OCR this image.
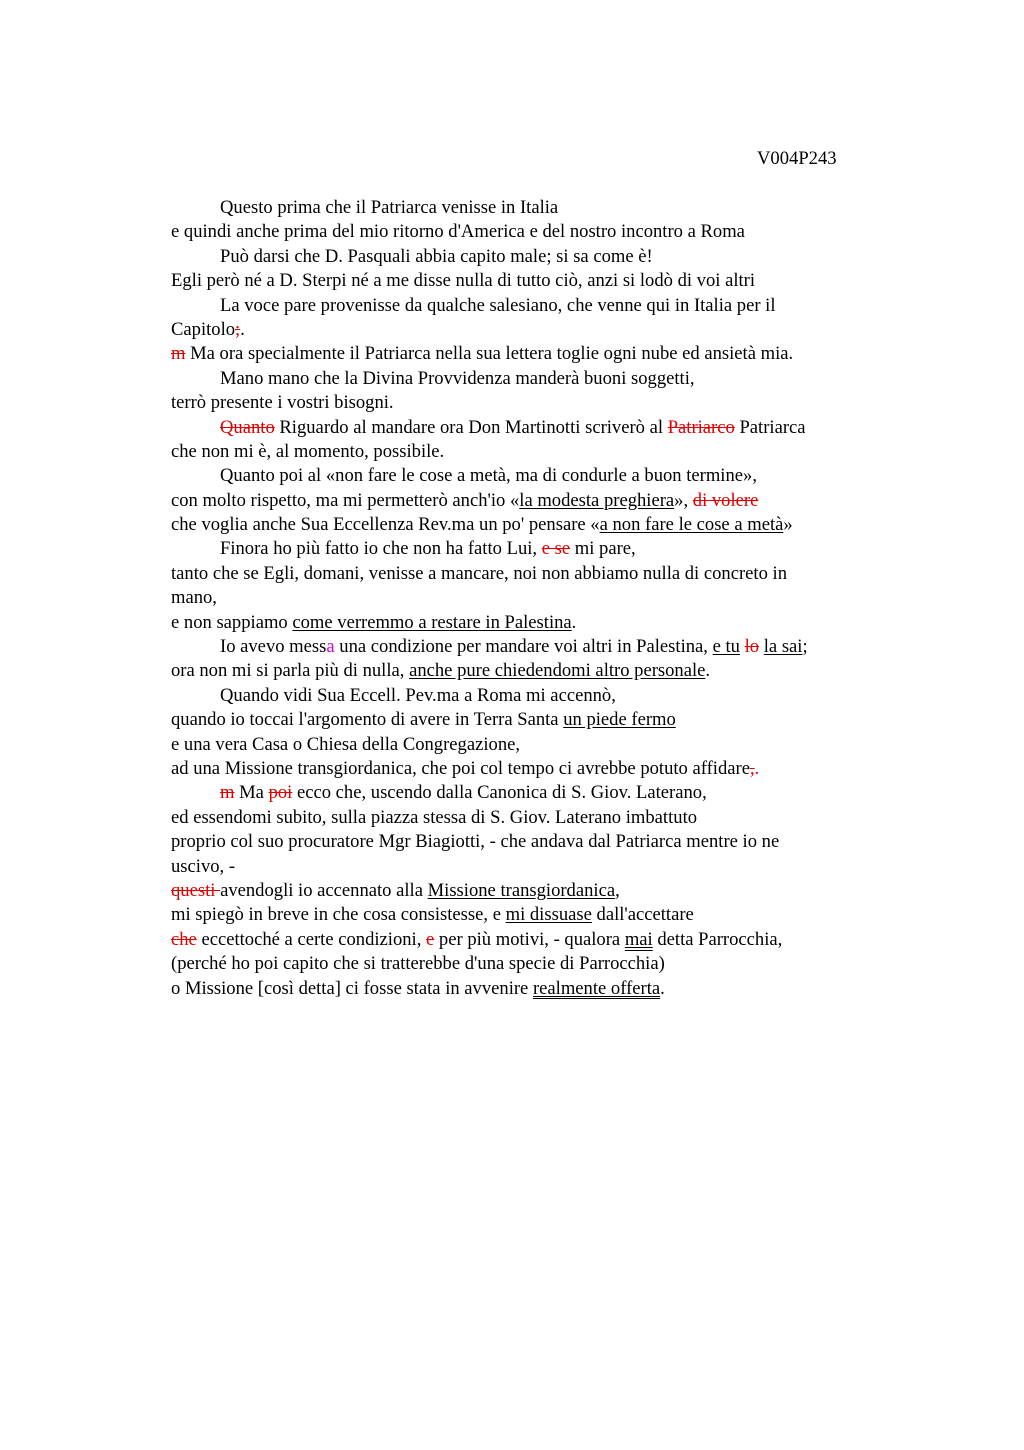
V004P243
Questo prima che il Patriarca venisse in Italia
e quindi anche prima del mio ritorno d'America e del nostro incontro a Roma
Può darsi che D. Pasquali abbia capito male; si sa come è!
Egli però né a D. Sterpi né a me disse nulla di tutto ciò, anzi si lodò di voi altri
La voce pare provenisse da qualche salesiano, che venne qui in Italia per il
Capitolo;.
m Ma ora specialmente il Patriarca nella sua lettera toglie ogni nube ed ansietà mia.
Mano mano che la Divina Provvidenza manderà buoni soggetti,
terrò presente i vostri bisogni.
Quanto Riguardo al mandare ora Don Martinotti scriverò al Patriarco Patriarca
che non mi è, al momento, possibile.
Quanto poi al «non fare le cose a metà, ma di condurle a buon termine»,
con molto rispetto, ma mi permetterò anch'io «la modesta preghiera», di volere
che voglia anche Sua Eccellenza Rev.ma un po' pensare «a non fare le cose a metà»
Finora ho più fatto io che non ha fatto Lui, e se mi pare,
tanto che se Egli, domani, venisse a mancare, noi non abbiamo nulla di concreto in
mano,
e non sappiamo come verremmo a restare in Palestina.
Io avevo messa una condizione per mandare voi altri in Palestina, e tu lo la sai;
ora non mi si parla più di nulla, anche pure chiedendomi altro personale.
Quando vidi Sua Eccell. Pev.ma a Roma mi accennò,
quando io toccai l'argomento di avere in Terra Santa un piede fermo
e una vera Casa o Chiesa della Congregazione,
ad una Missione transgiordanica, che poi col tempo ci avrebbe potuto affidare,.
m Ma poi ecco che, uscendo dalla Canonica di S. Giov. Laterano,
ed essendomi subito, sulla piazza stessa di S. Giov. Laterano imbattuto
proprio col suo procuratore Mgr Biagiotti, - che andava dal Patriarca mentre io ne
uscivo, -
questi avendogli io accennato alla Missione transgiordanica,
mi spiegò in breve in che cosa consistesse, e mi dissuase dall'accettare
che eccettoché a certe condizioni, e per più motivi, - qualora mai detta Parrocchia,
(perché ho poi capito che si tratterebbe d'una specie di Parrocchia)
o Missione [così detta] ci fosse stata in avvenire realmente offerta.
